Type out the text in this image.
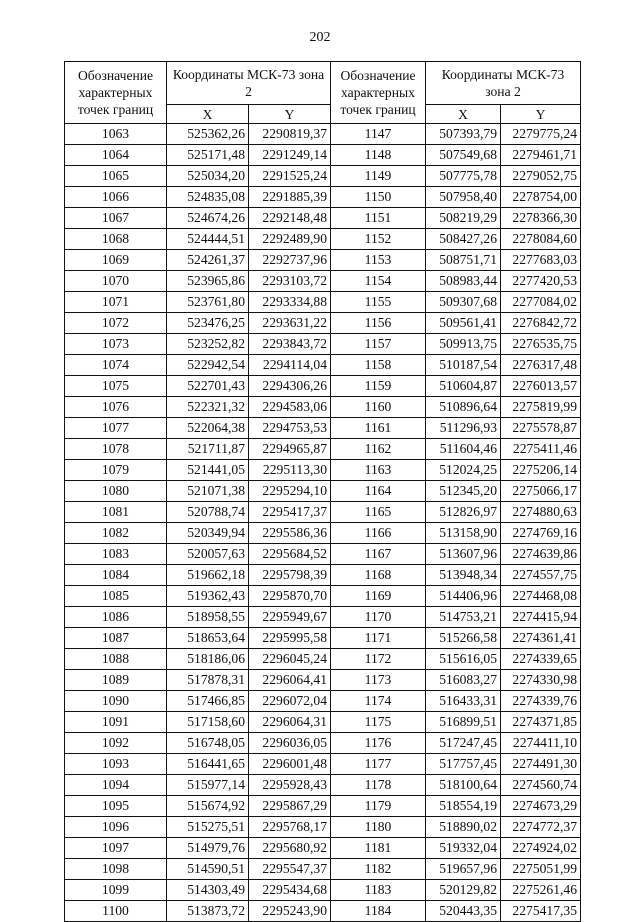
202
Обозначение характерных точек границ	Координаты МСК-73 зона 2		Обозначение характерных точек границ	Координаты МСК-73 зона 2	
	X	Y		X	Y
1063	525362,26	2290819,37	1147	507393,79	2279775,24
1064	525171,48	2291249,14	1148	507549,68	2279461,71
1065	525034,20	2291525,24	1149	507775,78	2279052,75
1066	524835,08	2291885,39	1150	507958,40	2278754,00
1067	524674,26	2292148,48	1151	508219,29	2278366,30
1068	524444,51	2292489,90	1152	508427,26	2278084,60
1069	524261,37	2292737,96	1153	508751,71	2277683,03
1070	523965,86	2293103,72	1154	508983,44	2277420,53
1071	523761,80	2293334,88	1155	509307,68	2277084,02
1072	523476,25	2293631,22	1156	509561,41	2276842,72
1073	523252,82	2293843,72	1157	509913,75	2276535,75
1074	522942,54	2294114,04	1158	510187,54	2276317,48
1075	522701,43	2294306,26	1159	510604,87	2276013,57
1076	522321,32	2294583,06	1160	510896,64	2275819,99
1077	522064,38	2294753,53	1161	511296,93	2275578,87
1078	521711,87	2294965,87	1162	511604,46	2275411,46
1079	521441,05	2295113,30	1163	512024,25	2275206,14
1080	521071,38	2295294,10	1164	512345,20	2275066,17
1081	520788,74	2295417,37	1165	512826,97	2274880,63
1082	520349,94	2295586,36	1166	513158,90	2274769,16
1083	520057,63	2295684,52	1167	513607,96	2274639,86
1084	519662,18	2295798,39	1168	513948,34	2274557,75
1085	519362,43	2295870,70	1169	514406,96	2274468,08
1086	518958,55	2295949,67	1170	514753,21	2274415,94
1087	518653,64	2295995,58	1171	515266,58	2274361,41
1088	518186,06	2296045,24	1172	515616,05	2274339,65
1089	517878,31	2296064,41	1173	516083,27	2274330,98
1090	517466,85	2296072,04	1174	516433,31	2274339,76
1091	517158,60	2296064,31	1175	516899,51	2274371,85
1092	516748,05	2296036,05	1176	517247,45	2274411,10
1093	516441,65	2296001,48	1177	517757,45	2274491,30
1094	515977,14	2295928,43	1178	518100,64	2274560,74
1095	515674,92	2295867,29	1179	518554,19	2274673,29
1096	515275,51	2295768,17	1180	518890,02	2274772,37
1097	514979,76	2295680,92	1181	519332,04	2274924,02
1098	514590,51	2295547,37	1182	519657,96	2275051,99
1099	514303,49	2295434,68	1183	520129,82	2275261,46
1100	513873,72	2295243,90	1184	520443,35	2275417,35
